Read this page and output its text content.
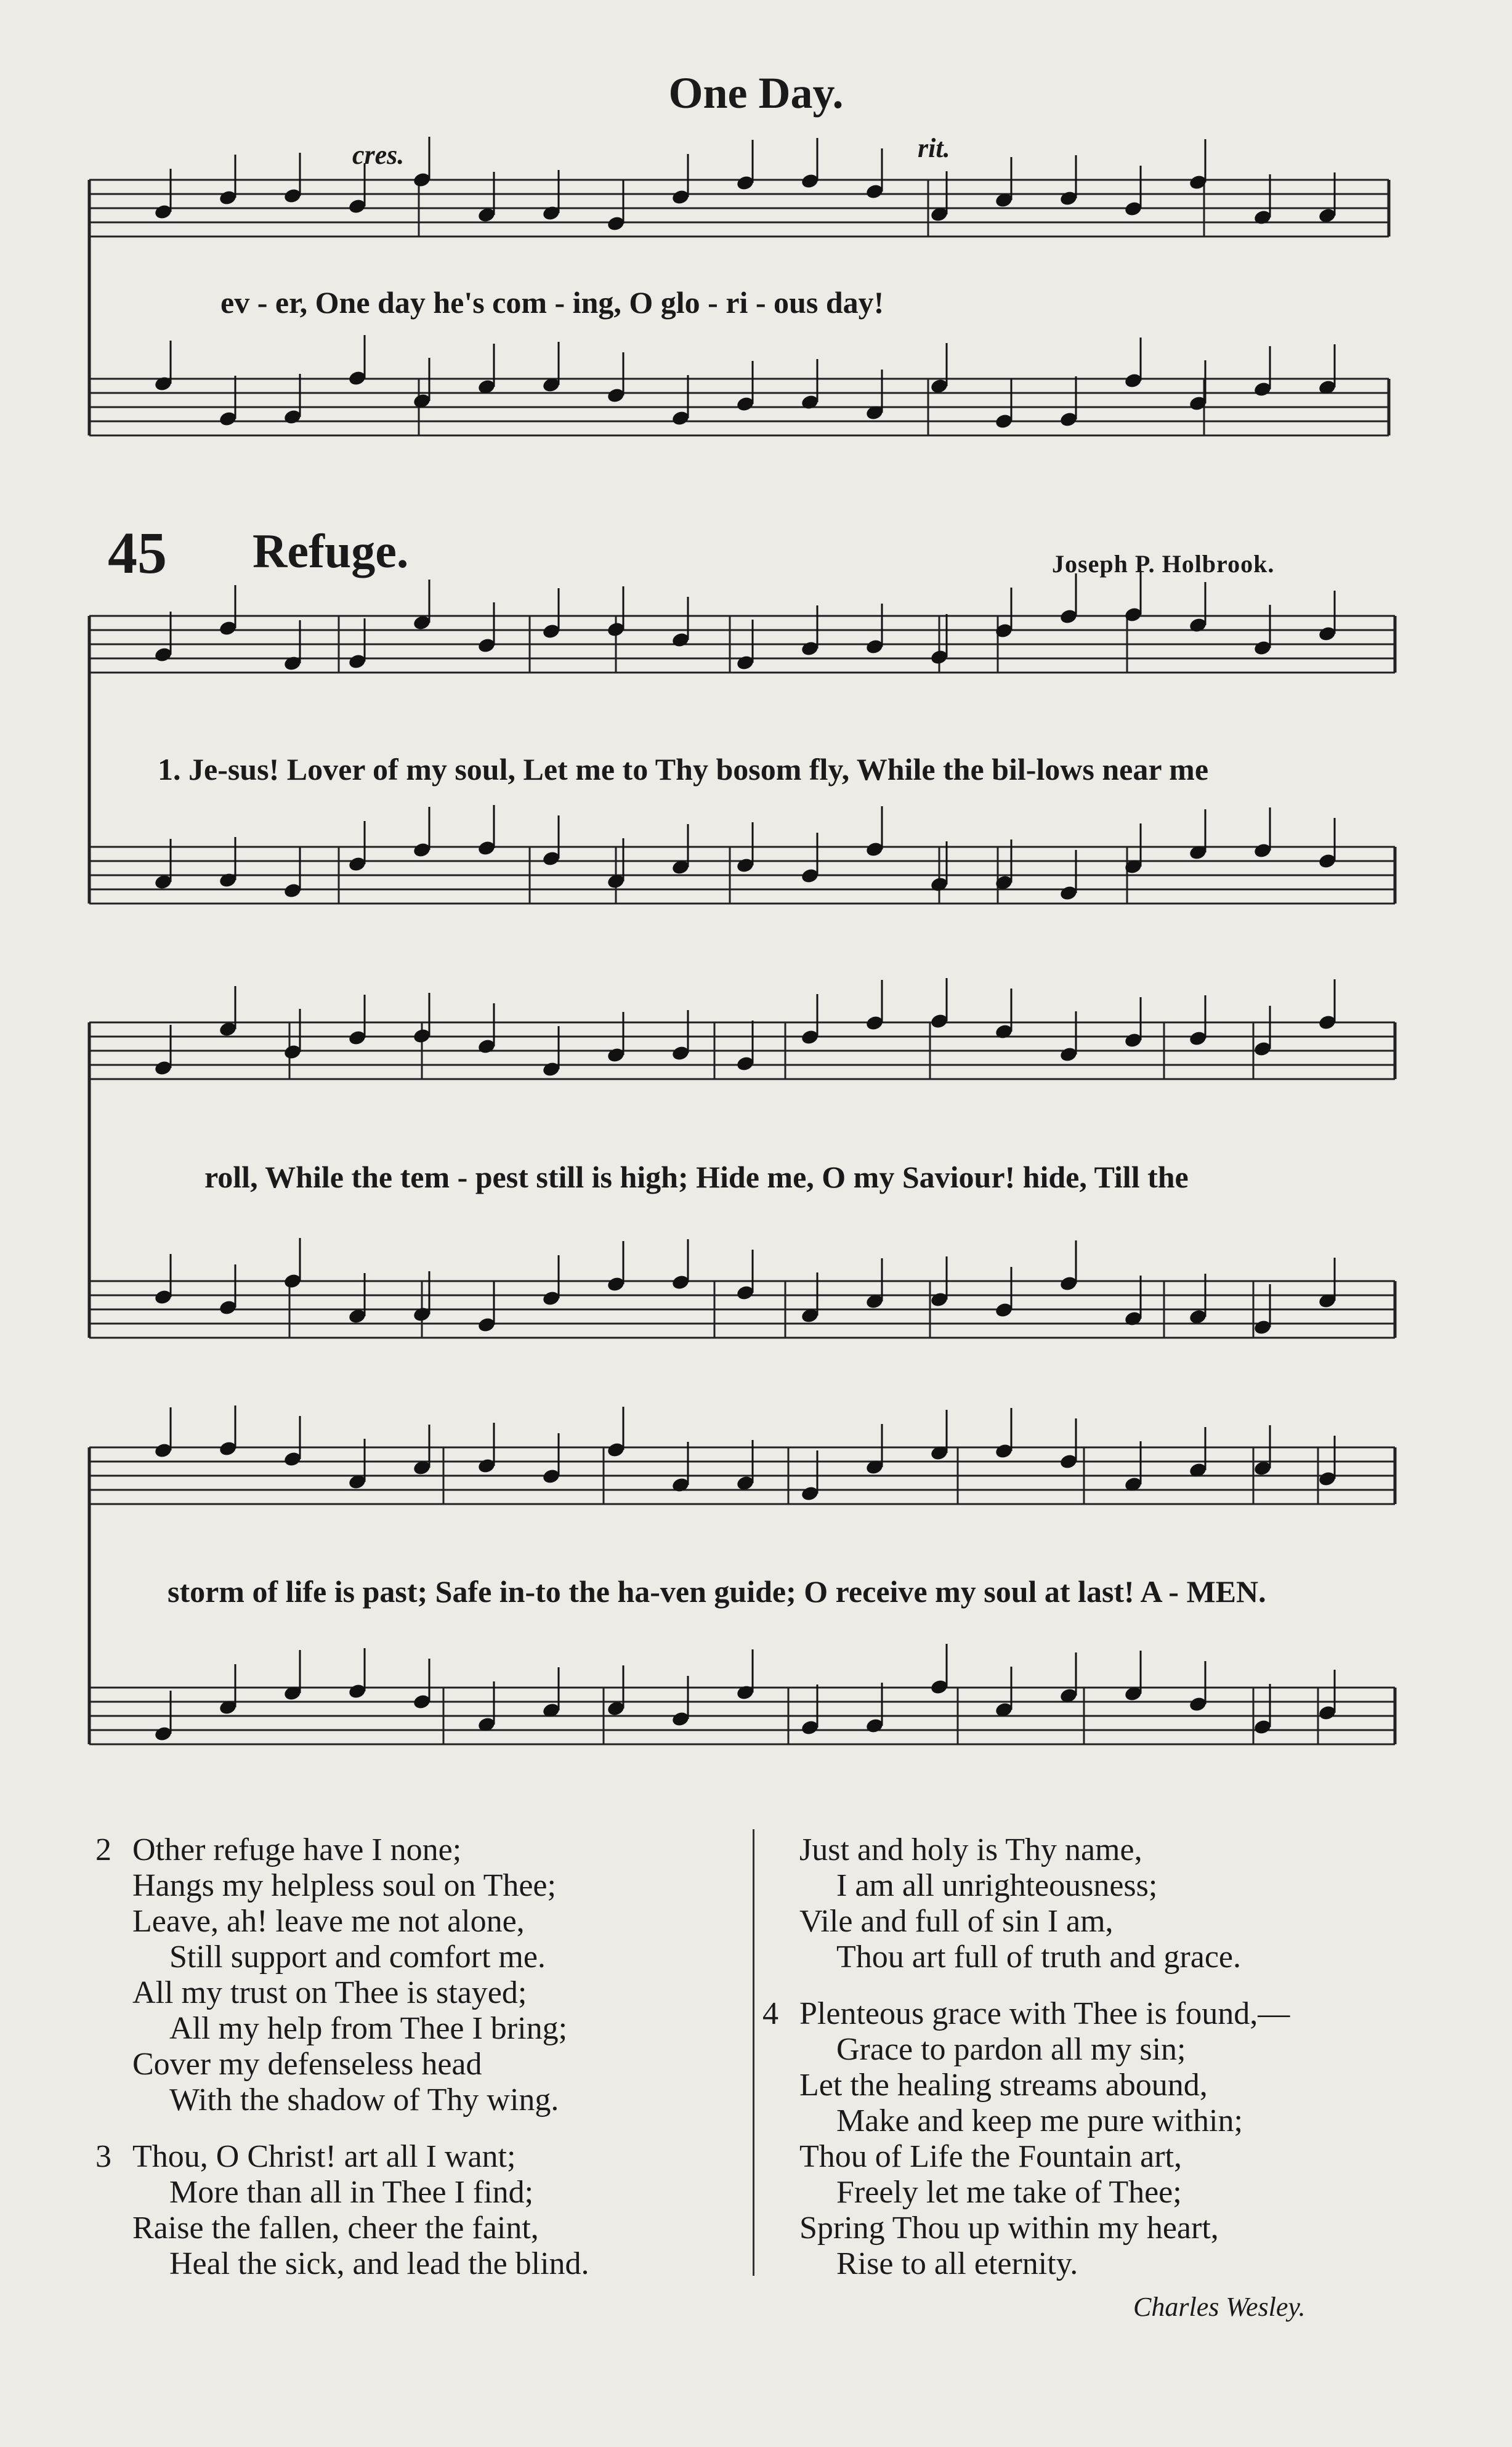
One Day.
cres.	rit.
ev - er, One day he's com - ing, O glo - ri - ous day!
45 Refuge.	Joseph P. Holbrook.
1. Je-sus! Lover of my soul, Let me to Thy bosom fly, While the bil-lows near me
roll, While the tem - pest still is high; Hide me, O my Saviour! hide, Till the
storm of life is past; Safe in-to the ha-ven guide; O receive my soul at last! A - MEN.
2 Other refuge have I none;
Hangs my helpless soul on Thee;
Leave, ah! leave me not alone,
Still support and comfort me.
All my trust on Thee is stayed;
All my help from Thee I bring;
Cover my defenseless head
With the shadow of Thy wing.
3 Thou, O Christ! art all I want;
More than all in Thee I find;
Raise the fallen, cheer the faint,
Heal the sick, and lead the blind.
Just and holy is Thy name,
I am all unrighteousness;
Vile and full of sin I am,
Thou art full of truth and grace.
4 Plenteous grace with Thee is found,—
Grace to pardon all my sin;
Let the healing streams abound,
Make and keep me pure within;
Thou of Life the Fountain art,
Freely let me take of Thee;
Spring Thou up within my heart,
Rise to all eternity.
Charles Wesley.
